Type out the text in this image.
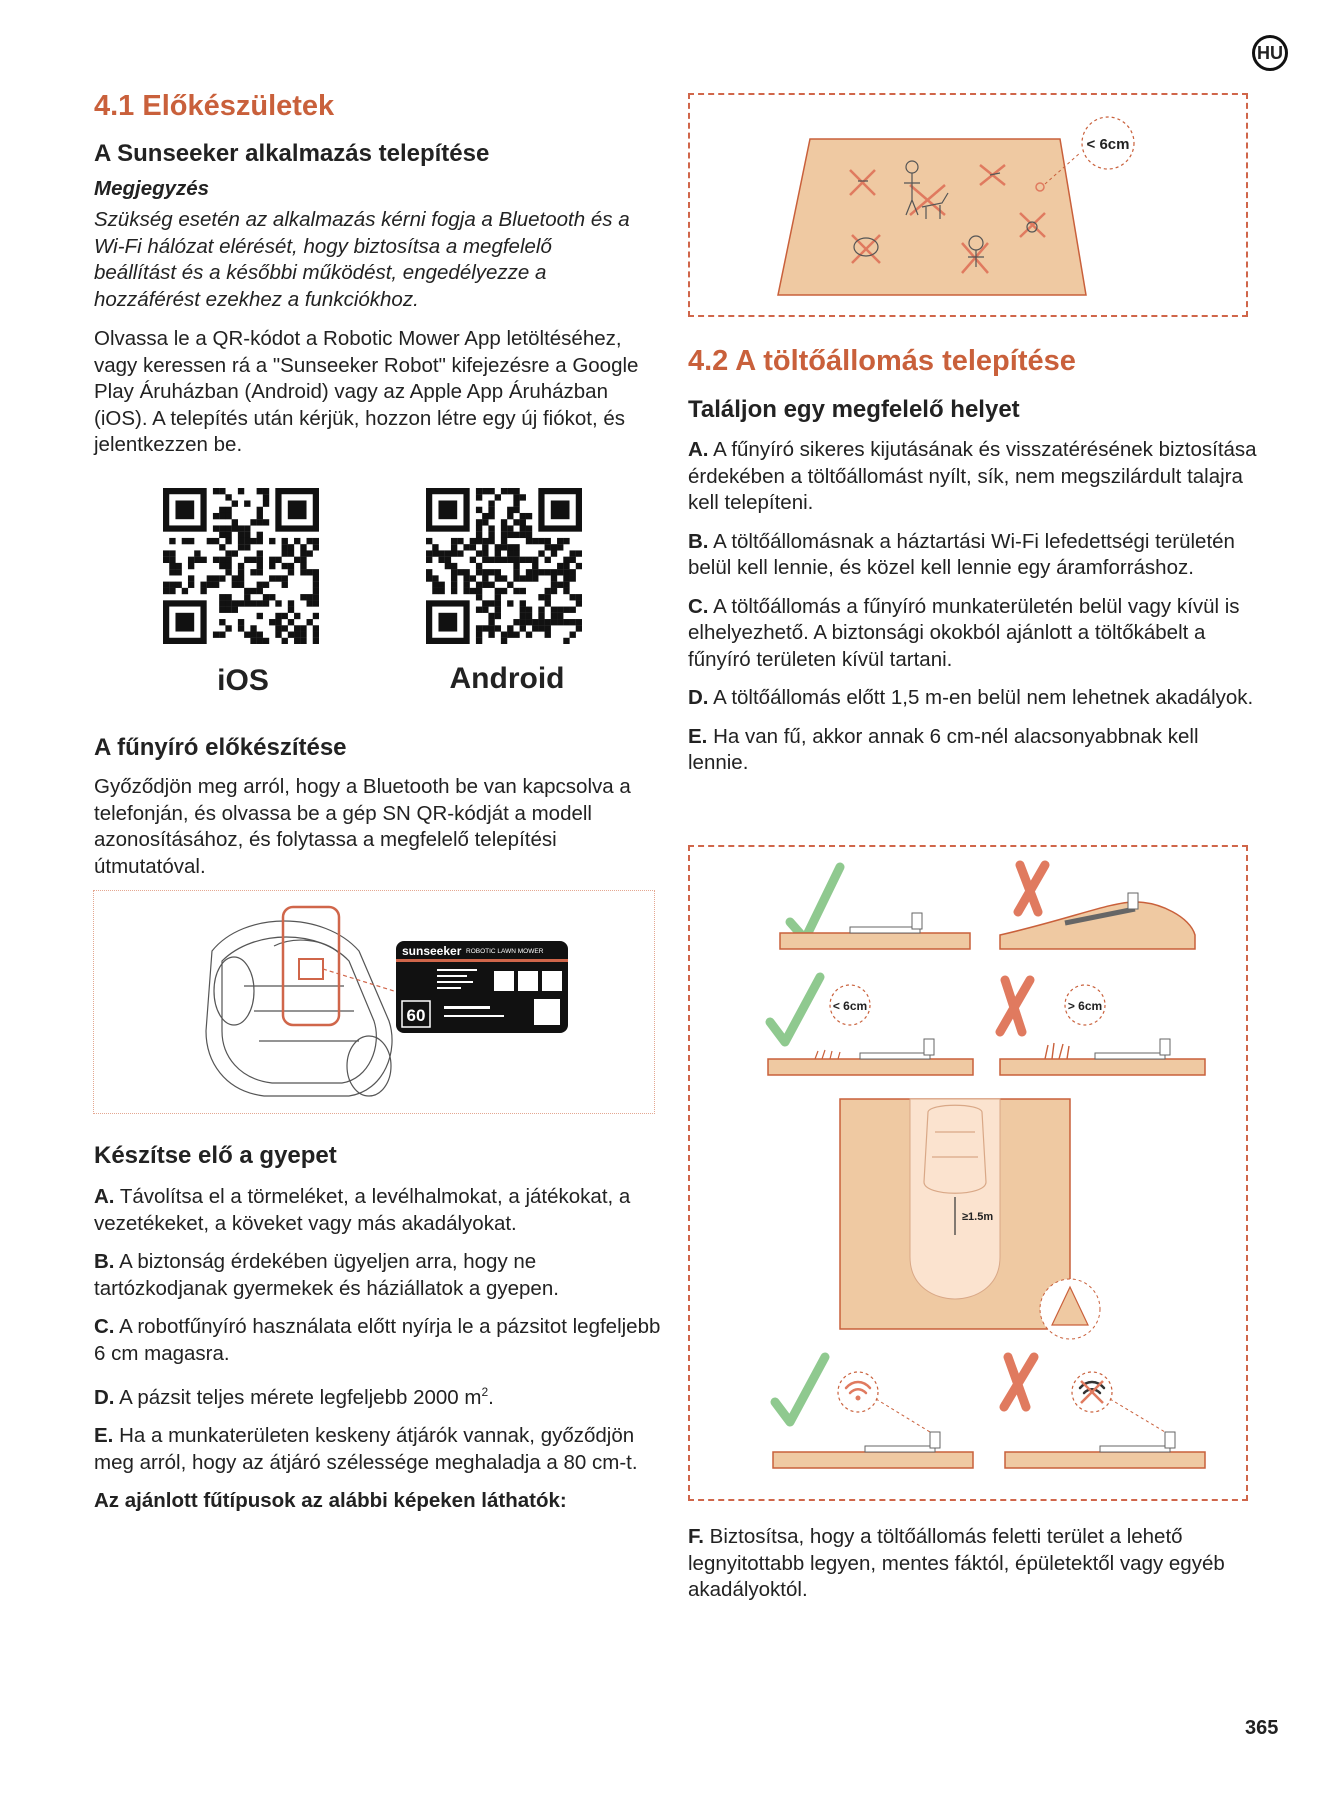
HU
4.1 Előkészületek
A Sunseeker alkalmazás telepítése
Megjegyzés
Szükség esetén az alkalmazás kérni fogja a Bluetooth és a Wi-Fi hálózat elérését, hogy biztosítsa a megfelelő beállítást és a későbbi működést, engedélyezze a hozzáférést ezekhez a funkciókhoz.
Olvassa le a QR-kódot a Robotic Mower App letöltéséhez, vagy keressen rá a "Sunseeker Robot" kifejezésre a Google Play Áruházban (Android) vagy az Apple App Áruházban (iOS). A telepítés után kérjük, hozzon létre egy új fiókot, és jelentkezzen be.
iOS	Android
A fűnyíró előkészítése
Győződjön meg arról, hogy a Bluetooth be van kapcsolva a telefonján, és olvassa be a gép SN QR-kódját a modell azonosításához, és folytassa a megfelelő telepítési útmutatóval.
60
sunseeker ROBOTIC LAWN MOWER
Készítse elő a gyepet
A. Távolítsa el a törmeléket, a levélhalmokat, a játékokat, a vezetékeket, a köveket vagy más akadályokat.
B. A biztonság érdekében ügyeljen arra, hogy ne tartózkodjanak gyermekek és háziállatok a gyepen.
C. A robotfűnyíró használata előtt nyírja le a pázsitot legfeljebb 6 cm magasra.
D. A pázsit teljes mérete legfeljebb 2000 $m^2$.
E. Ha a munkaterületen keskeny átjárók vannak, győződjön meg arról, hogy az átjáró szélessége meghaladja a 80 cm-t.
Az ajánlott fűtípusok az alábbi képeken láthatók:
< 6cm
4.2 A töltőállomás telepítése
Találjon egy megfelelő helyet
A. A fűnyíró sikeres kijutásának és visszatérésének biztosítása érdekében a töltőállomást nyílt, sík, nem megszilárdult talajra kell telepíteni.
B. A töltőállomásnak a háztartási Wi-Fi lefedettségi területén belül kell lennie, és közel kell lennie egy áramforráshoz.
C. A töltőállomás a fűnyíró munkaterületén belül vagy kívül is elhelyezhető. A biztonsági okokból ajánlott a töltőkábelt a fűnyíró területen kívül tartani.
D. A töltőállomás előtt 1,5 m-en belül nem lehetnek akadályok.
E. Ha van fű, akkor annak 6 cm-nél alacsonyabbnak kell lennie.
< 6cm	> 6cm
≥1.5m
F. Biztosítsa, hogy a töltőállomás feletti terület a lehető legnyitottabb legyen, mentes fáktól, épületektől vagy egyéb akadályoktól.
365
